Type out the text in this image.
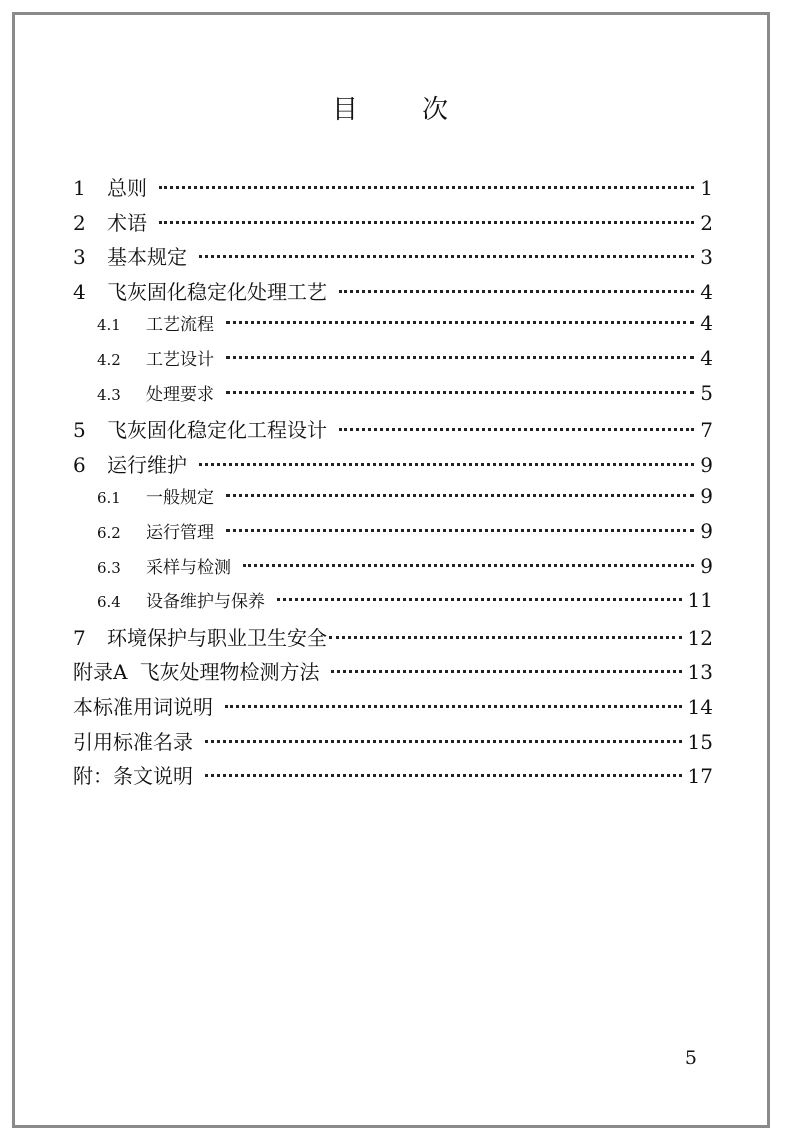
目 次
1	总则	1
2	术语	2
3	基本规定	3
4	飞灰固化稳定化处理工艺	4
4.1	工艺流程	4
4.2	工艺设计	4
4.3	处理要求	5
5	飞灰固化稳定化工程设计	7
6	运行维护	9
6.1	一般规定	9
6.2	运行管理	9
6.3	采样与检测	9
6.4	设备维护与保养	11
7	环境保护与职业卫生安全	12
附录A 飞灰处理物检测方法	13
本标准用词说明	14
引用标准名录	15
附：条文说明	17
5
